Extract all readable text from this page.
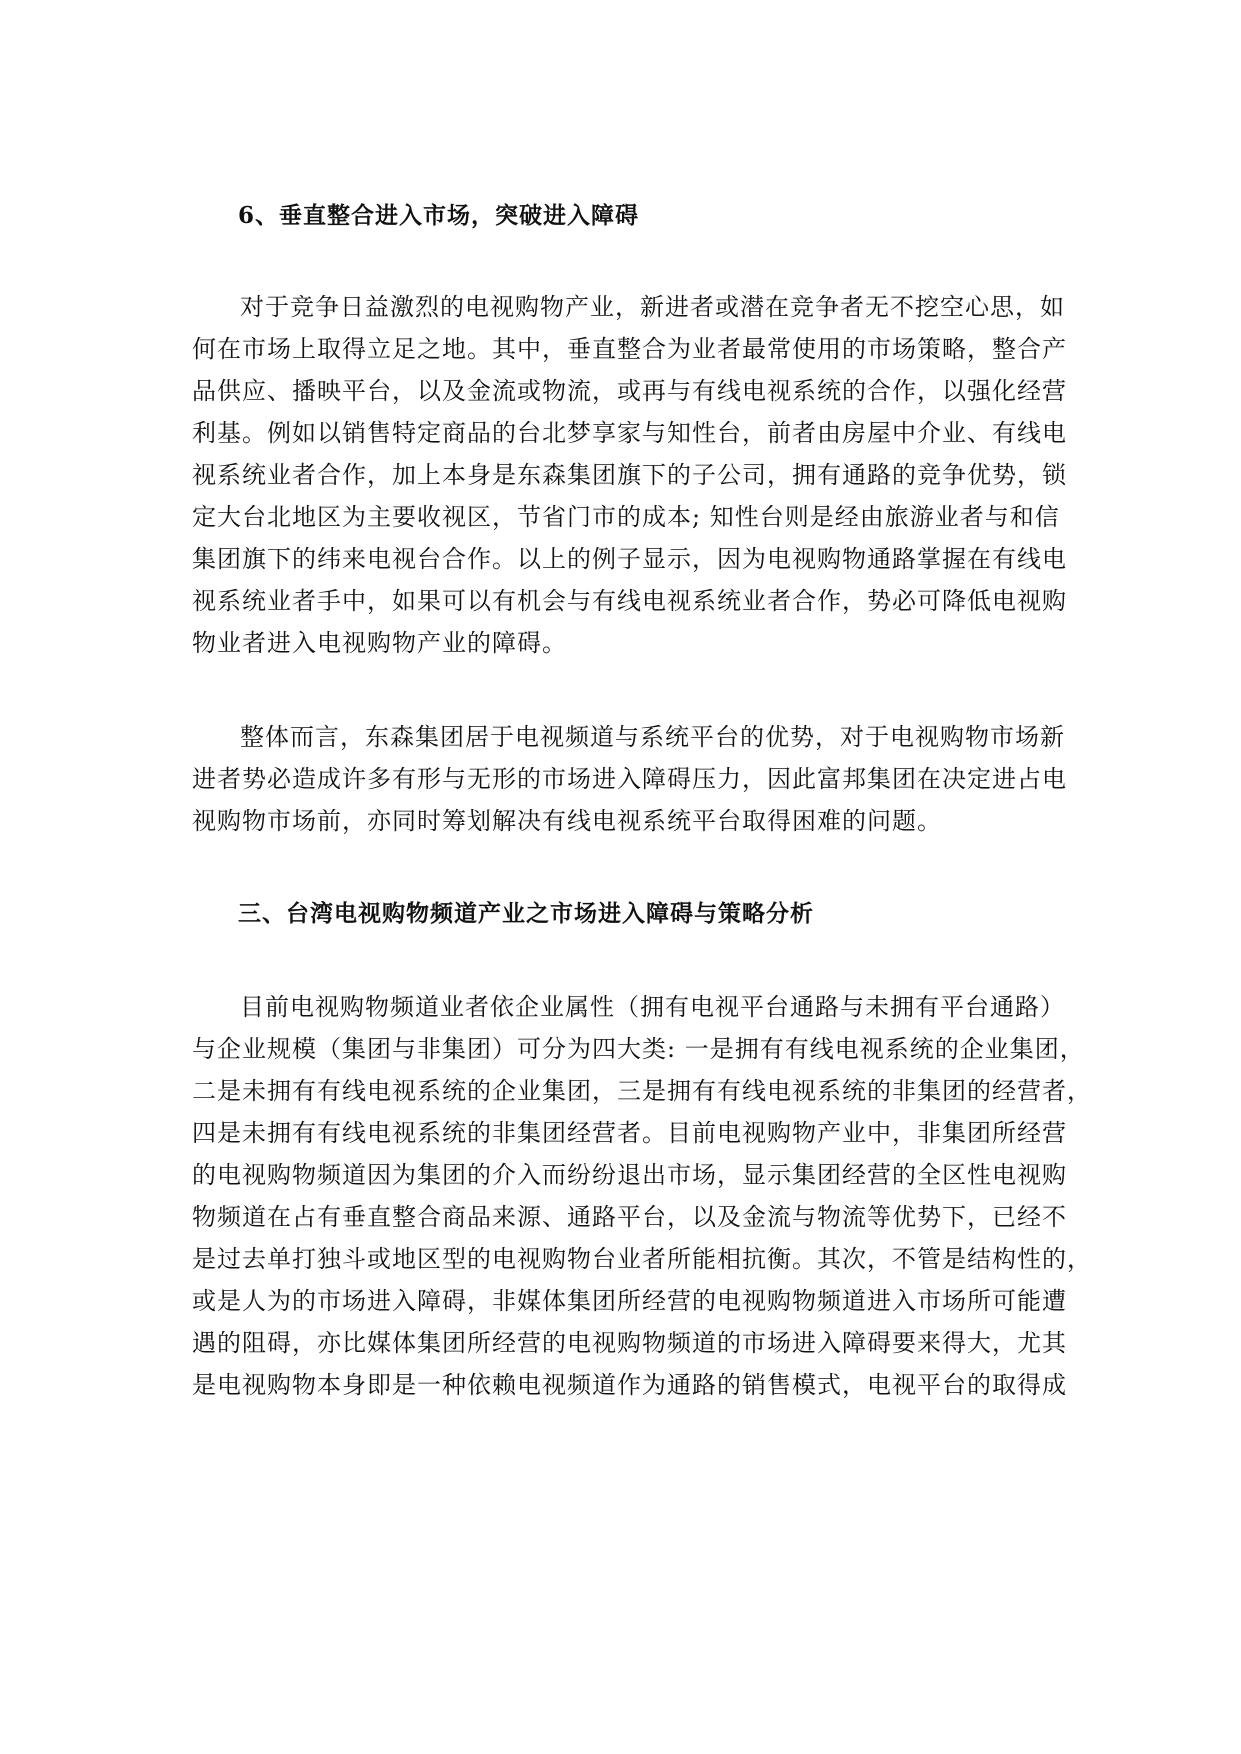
6、垂直整合进入市场，突破进入障碍
对于竞争日益激烈的电视购物产业，新进者或潜在竞争者无不挖空心思，如
何在市场上取得立足之地。其中，垂直整合为业者最常使用的市场策略，整合产
品供应、播映平台，以及金流或物流，或再与有线电视系统的合作，以强化经营
利基。例如以销售特定商品的台北梦享家与知性台，前者由房屋中介业、有线电
视系统业者合作，加上本身是东森集团旗下的子公司，拥有通路的竞争优势，锁
定大台北地区为主要收视区，节省门市的成本; 知性台则是经由旅游业者与和信
集团旗下的纬来电视台合作。以上的例子显示，因为电视购物通路掌握在有线电
视系统业者手中，如果可以有机会与有线电视系统业者合作，势必可降低电视购
物业者进入电视购物产业的障碍。
整体而言，东森集团居于电视频道与系统平台的优势，对于电视购物市场新
进者势必造成许多有形与无形的市场进入障碍压力，因此富邦集团在决定进占电
视购物市场前，亦同时筹划解决有线电视系统平台取得困难的问题。
三、台湾电视购物频道产业之市场进入障碍与策略分析
目前电视购物频道业者依企业属性（拥有电视平台通路与未拥有平台通路）
与企业规模（集团与非集团）可分为四大类: 一是拥有有线电视系统的企业集团，
二是未拥有有线电视系统的企业集团，三是拥有有线电视系统的非集团的经营者，
四是未拥有有线电视系统的非集团经营者。目前电视购物产业中，非集团所经营
的电视购物频道因为集团的介入而纷纷退出市场，显示集团经营的全区性电视购
物频道在占有垂直整合商品来源、通路平台，以及金流与物流等优势下，已经不
是过去单打独斗或地区型的电视购物台业者所能相抗衡。其次，不管是结构性的，
或是人为的市场进入障碍，非媒体集团所经营的电视购物频道进入市场所可能遭
遇的阻碍，亦比媒体集团所经营的电视购物频道的市场进入障碍要来得大，尤其
是电视购物本身即是一种依赖电视频道作为通路的销售模式，电视平台的取得成
